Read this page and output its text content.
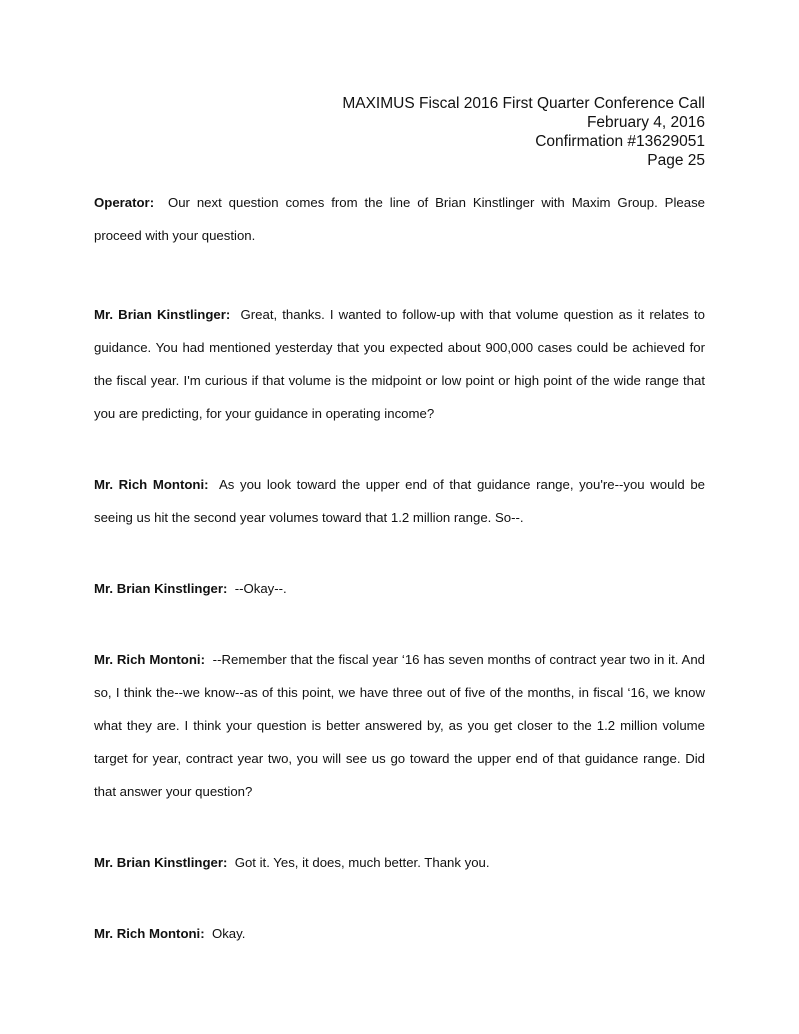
MAXIMUS Fiscal 2016 First Quarter Conference Call
February 4, 2016
Confirmation #13629051
Page 25

Operator: Our next question comes from the line of Brian Kinstlinger with Maxim Group. Please proceed with your question.

Mr. Brian Kinstlinger: Great, thanks. I wanted to follow-up with that volume question as it relates to guidance. You had mentioned yesterday that you expected about 900,000 cases could be achieved for the fiscal year. I'm curious if that volume is the midpoint or low point or high point of the wide range that you are predicting, for your guidance in operating income?

Mr. Rich Montoni: As you look toward the upper end of that guidance range, you're--you would be seeing us hit the second year volumes toward that 1.2 million range. So--.

Mr. Brian Kinstlinger: --Okay--.

Mr. Rich Montoni: --Remember that the fiscal year ‘16 has seven months of contract year two in it. And so, I think the--we know--as of this point, we have three out of five of the months, in fiscal ‘16, we know what they are. I think your question is better answered by, as you get closer to the 1.2 million volume target for year, contract year two, you will see us go toward the upper end of that guidance range. Did that answer your question?

Mr. Brian Kinstlinger: Got it. Yes, it does, much better. Thank you.

Mr. Rich Montoni: Okay.
